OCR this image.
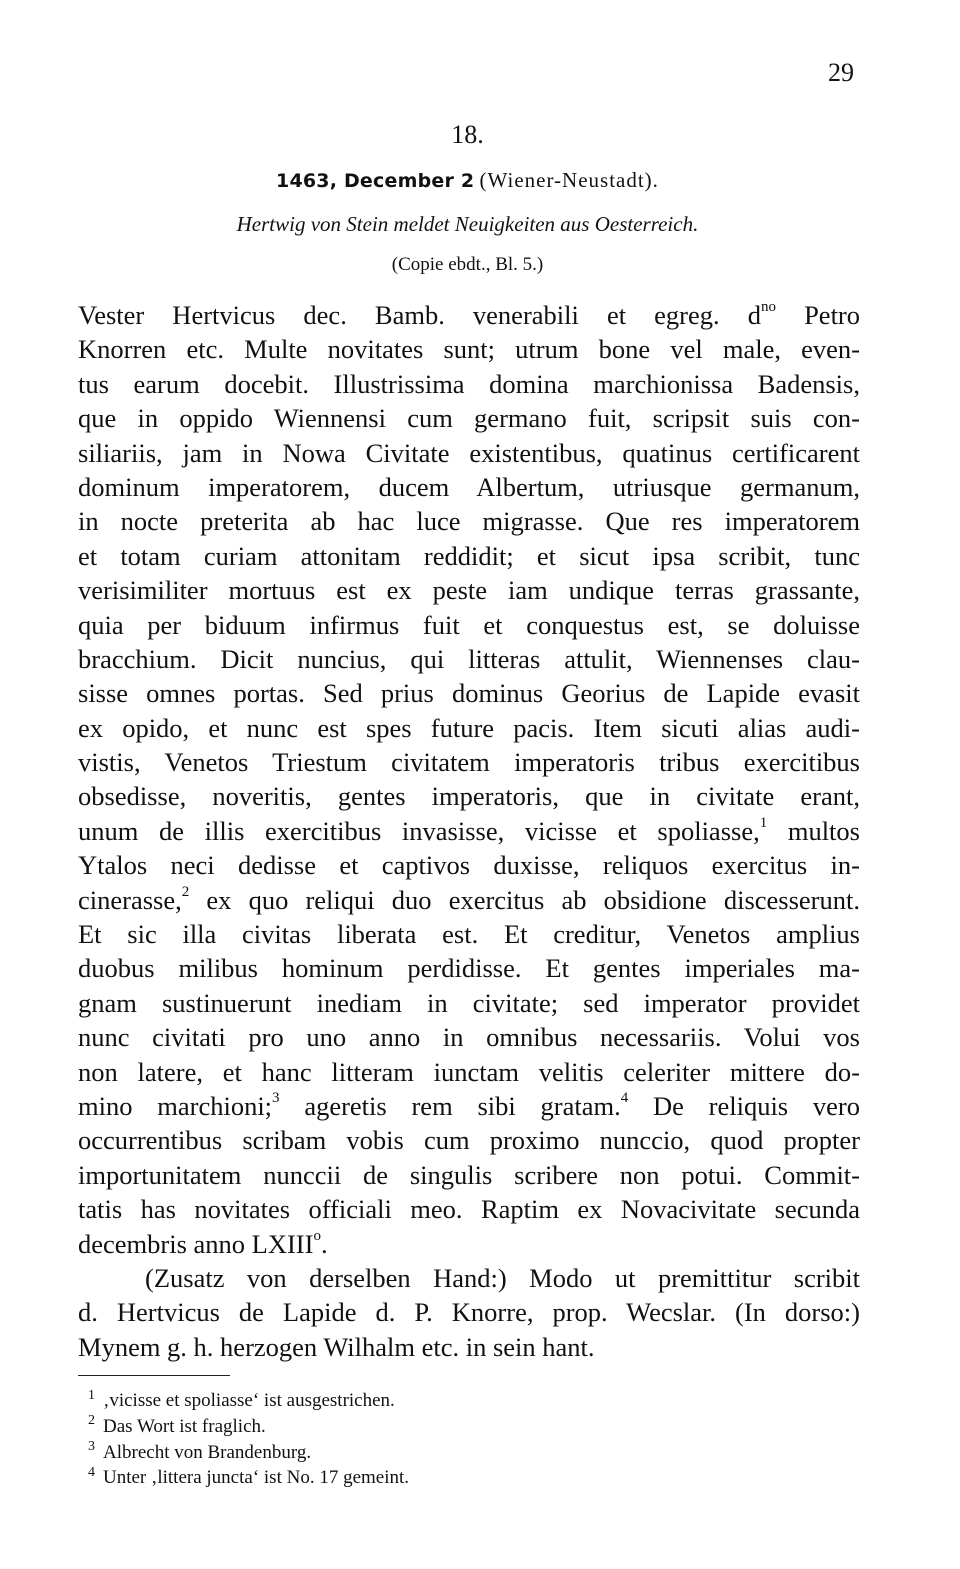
29
18.
1463, December 2 (Wiener-Neustadt).
Hertwig von Stein meldet Neuigkeiten aus Oesterreich.
(Copie ebdt., Bl. 5.)
Vester Hertvicus dec. Bamb. venerabili et egreg. $d^{no}$ Petro
Knorren etc. Multe novitates sunt; utrum bone vel male, even-
tus earum docebit. Illustrissima domina marchionissa Badensis,
que in oppido Wiennensi cum germano fuit, scripsit suis con-
siliariis, jam in Nowa Civitate existentibus, quatinus certificarent
dominum imperatorem, ducem Albertum, utriusque germanum,
in nocte preterita ab hac luce migrasse. Que res imperatorem
et totam curiam attonitam reddidit; et sicut ipsa scribit, tunc
verisimiliter mortuus est ex peste iam undique terras grassante,
quia per biduum infirmus fuit et conquestus est, se doluisse
bracchium. Dicit nuncius, qui litteras attulit, Wiennenses clau-
sisse omnes portas. Sed prius dominus Georius de Lapide evasit
ex opido, et nunc est spes future pacis. Item sicuti alias audi-
vistis, Venetos Triestum civitatem imperatoris tribus exercitibus
obsedisse, noveritis, gentes imperatoris, que in civitate erant,
unum de illis exercitibus invasisse, vicisse et spoliasse,$^1$ multos
Ytalos neci dedisse et captivos duxisse, reliquos exercitus in-
cinerasse,$^2$ ex quo reliqui duo exercitus ab obsidione discesserunt.
Et sic illa civitas liberata est. Et creditur, Venetos amplius
duobus milibus hominum perdidisse. Et gentes imperiales ma-
gnam sustinuerunt inediam in civitate; sed imperator providet
nunc civitati pro uno anno in omnibus necessariis. Volui vos
non latere, et hanc litteram iunctam velitis celeriter mittere do-
mino marchioni;$^3$ ageretis rem sibi gratam.$^4$ De reliquis vero
occurrentibus scribam vobis cum proximo nunccio, quod propter
importunitatem nunccii de singulis scribere non potui. Commit-
tatis has novitates officiali meo. Raptim ex Novacivitate secunda
decembris anno LXIII$^o$.
(Zusatz von derselben Hand:) Modo ut premittitur scribit
d. Hertvicus de Lapide d. P. Knorre, prop. Wecslar. (In dorso:)
Mynem g. h. herzogen Wilhalm etc. in sein hant.
$^1$ ‚vicisse et spoliasse‘ ist ausgestrichen.
$^2$ Das Wort ist fraglich.
$^3$ Albrecht von Brandenburg.
$^4$ Unter ‚littera juncta‘ ist No. 17 gemeint.
